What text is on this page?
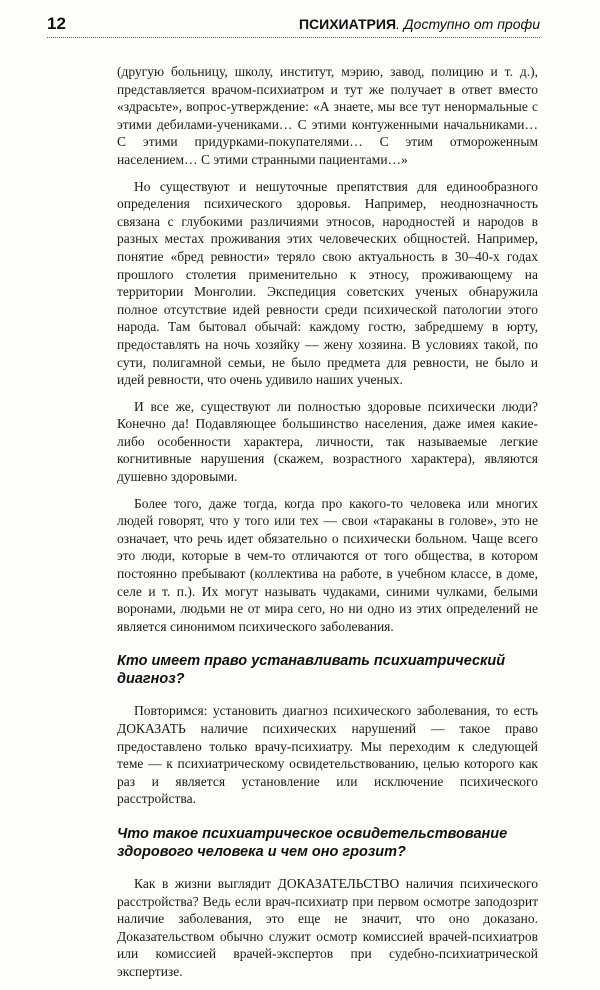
12	ПСИХИАТРИЯ. Доступно от профи

(другую больницу, школу, институт, мэрию, завод, полицию и т. д.), представляется врачом-психиатром и тут же получает в ответ вместо «здрасьте», вопрос-утверждение: «А знаете, мы все тут ненормальные с этими дебилами-учениками… С этими контуженными начальниками… С этими придурками-покупателями… С этим отмороженным населением… С этими странными пациентами…»

Но существуют и нешуточные препятствия для единообразного определения психического здоровья. Например, неоднозначность связана с глубокими различиями этносов, народностей и народов в разных местах проживания этих человеческих общностей. Например, понятие «бред ревности» теряло свою актуальность в 30–40-х годах прошлого столетия применительно к этносу, проживающему на территории Монголии. Экспедиция советских ученых обнаружила полное отсутствие идей ревности среди психической патологии этого народа. Там бытовал обычай: каждому гостю, забредшему в юрту, предоставлять на ночь хозяйку — жену хозяина. В условиях такой, по сути, полигамной семьи, не было предмета для ревности, не было и идей ревности, что очень удивило наших ученых.

И все же, существуют ли полностью здоровые психически люди? Конечно да! Подавляющее большинство населения, даже имея какие-либо особенности характера, личности, так называемые легкие когнитивные нарушения (скажем, возрастного характера), являются душевно здоровыми.

Более того, даже тогда, когда про какого-то человека или многих людей говорят, что у того или тех — свои «тараканы в голове», это не означает, что речь идет обязательно о психически больном. Чаще всего это люди, которые в чем-то отличаются от того общества, в котором постоянно пребывают (коллектива на работе, в учебном классе, в доме, селе и т. п.). Их могут называть чудаками, синими чулками, белыми воронами, людьми не от мира сего, но ни одно из этих определений не является синонимом психического заболевания.

Кто имеет право устанавливать психиатрический диагноз?

Повторимся: установить диагноз психического заболевания, то есть ДОКАЗАТЬ наличие психических нарушений — такое право предоставлено только врачу-психиатру. Мы переходим к следующей теме — к психиатрическому освидетельствованию, целью которого как раз и является установление или исключение психического расстройства.

Что такое психиатрическое освидетельствование здорового человека и чем оно грозит?

Как в жизни выглядит ДОКАЗАТЕЛЬСТВО наличия психического расстройства? Ведь если врач-психиатр при первом осмотре заподозрит наличие заболевания, это еще не значит, что оно доказано. Доказательством обычно служит осмотр комиссией врачей-психиатров или комиссией врачей-экспертов при судебно-психиатрической экспертизе.
